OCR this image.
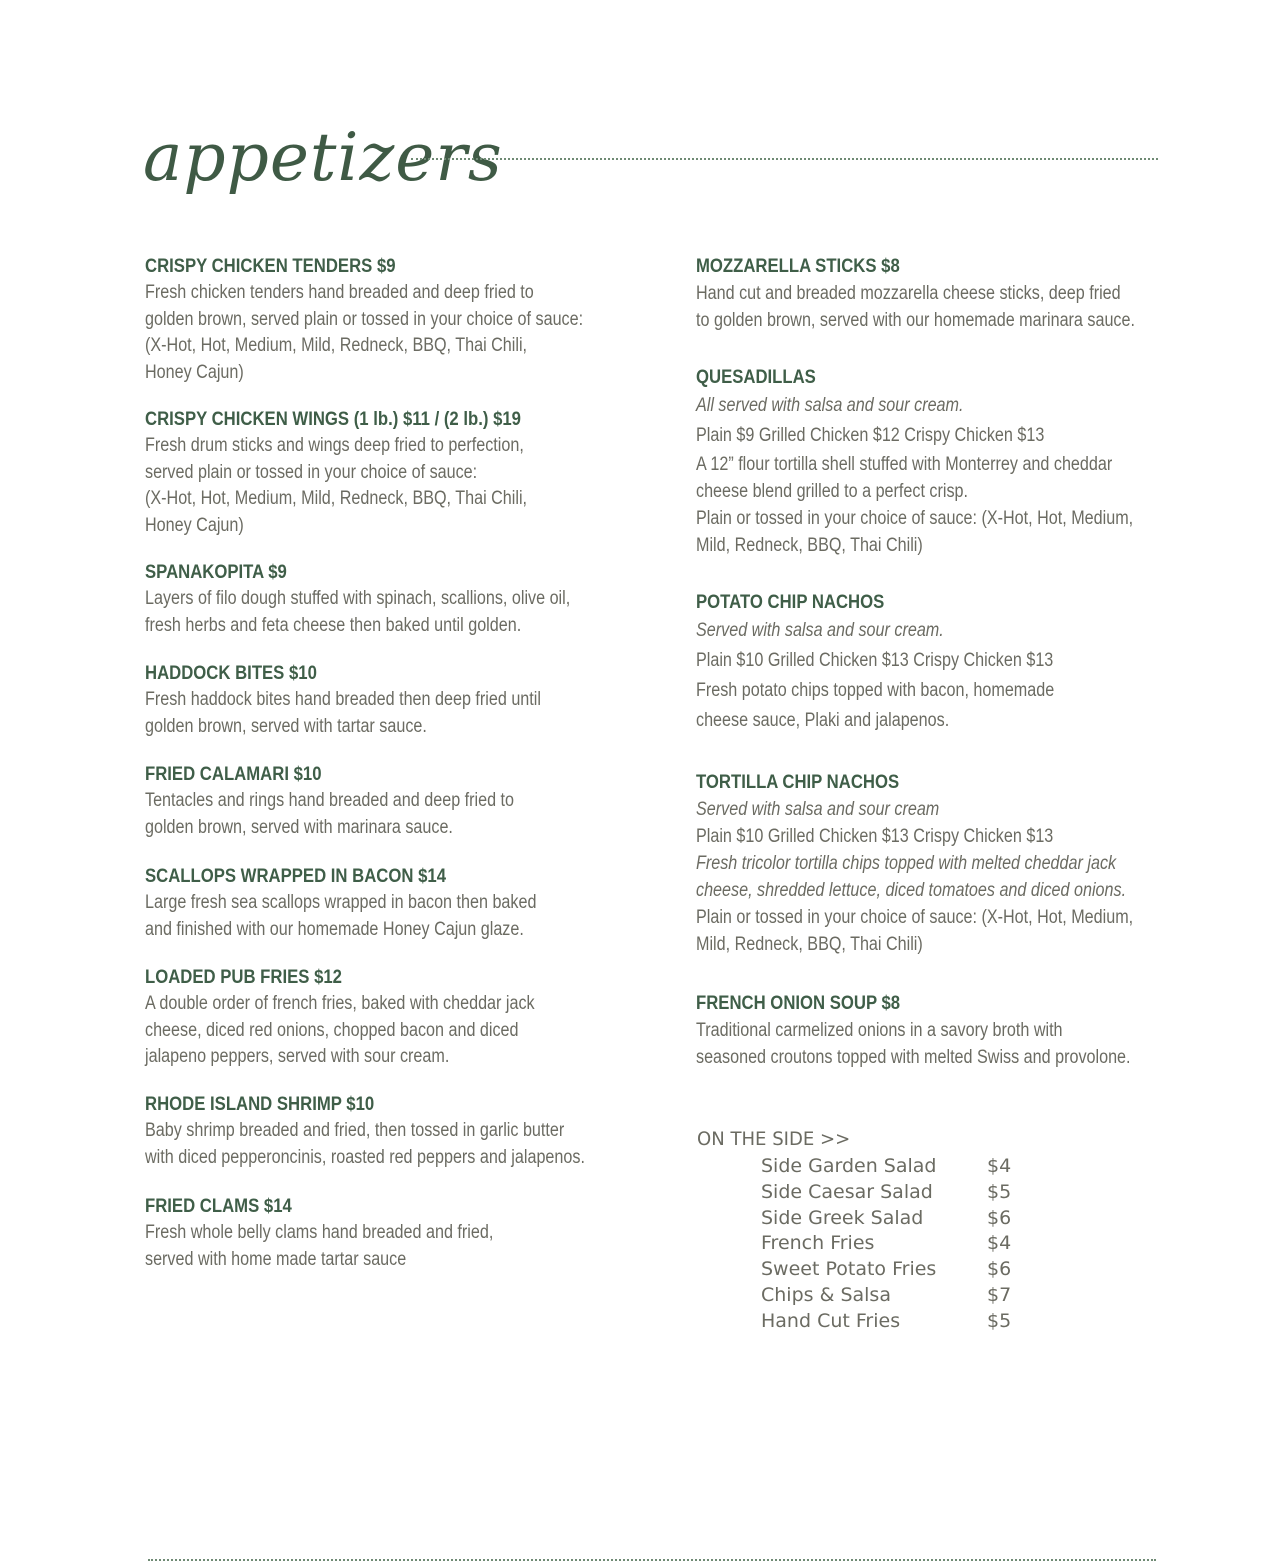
appetizers
CRISPY CHICKEN TENDERS $9
Fresh chicken tenders hand breaded and deep fried to
golden brown, served plain or tossed in your choice of sauce:
(X-Hot, Hot, Medium, Mild, Redneck, BBQ, Thai Chili,
Honey Cajun)
CRISPY CHICKEN WINGS (1 lb.) $11 / (2 lb.) $19
Fresh drum sticks and wings deep fried to perfection,
served plain or tossed in your choice of sauce:
(X-Hot, Hot, Medium, Mild, Redneck, BBQ, Thai Chili,
Honey Cajun)
SPANAKOPITA $9
Layers of filo dough stuffed with spinach, scallions, olive oil,
fresh herbs and feta cheese then baked until golden.
HADDOCK BITES $10
Fresh haddock bites hand breaded then deep fried until
golden brown, served with tartar sauce.
FRIED CALAMARI $10
Tentacles and rings hand breaded and deep fried to
golden brown, served with marinara sauce.
SCALLOPS WRAPPED IN BACON $14
Large fresh sea scallops wrapped in bacon then baked
and finished with our homemade Honey Cajun glaze.
LOADED PUB FRIES $12
A double order of french fries, baked with cheddar jack
cheese, diced red onions, chopped bacon and diced
jalapeno peppers, served with sour cream.
RHODE ISLAND SHRIMP $10
Baby shrimp breaded and fried, then tossed in garlic butter
with diced pepperoncinis, roasted red peppers and jalapenos.
FRIED CLAMS $14
Fresh whole belly clams hand breaded and fried,
served with home made tartar sauce
MOZZARELLA STICKS $8
Hand cut and breaded mozzarella cheese sticks, deep fried
to golden brown, served with our homemade marinara sauce.
QUESADILLAS
All served with salsa and sour cream.
Plain $9 Grilled Chicken $12 Crispy Chicken $13
A 12” flour tortilla shell stuffed with Monterrey and cheddar
cheese blend grilled to a perfect crisp.
Plain or tossed in your choice of sauce: (X-Hot, Hot, Medium,
Mild, Redneck, BBQ, Thai Chili)
POTATO CHIP NACHOS
Served with salsa and sour cream.
Plain $10 Grilled Chicken $13 Crispy Chicken $13
Fresh potato chips topped with bacon, homemade
cheese sauce, Plaki and jalapenos.
TORTILLA CHIP NACHOS
Served with salsa and sour cream
Plain $10 Grilled Chicken $13 Crispy Chicken $13
Fresh tricolor tortilla chips topped with melted cheddar jack
cheese, shredded lettuce, diced tomatoes and diced onions.
Plain or tossed in your choice of sauce: (X-Hot, Hot, Medium,
Mild, Redneck, BBQ, Thai Chili)
FRENCH ONION SOUP $8
Traditional carmelized onions in a savory broth with
seasoned croutons topped with melted Swiss and provolone.
ON THE SIDE >>
Side Garden Salad	$4
Side Caesar Salad	$5
Side Greek Salad	$6
French Fries	$4
Sweet Potato Fries	$6
Chips & Salsa	$7
Hand Cut Fries	$5
